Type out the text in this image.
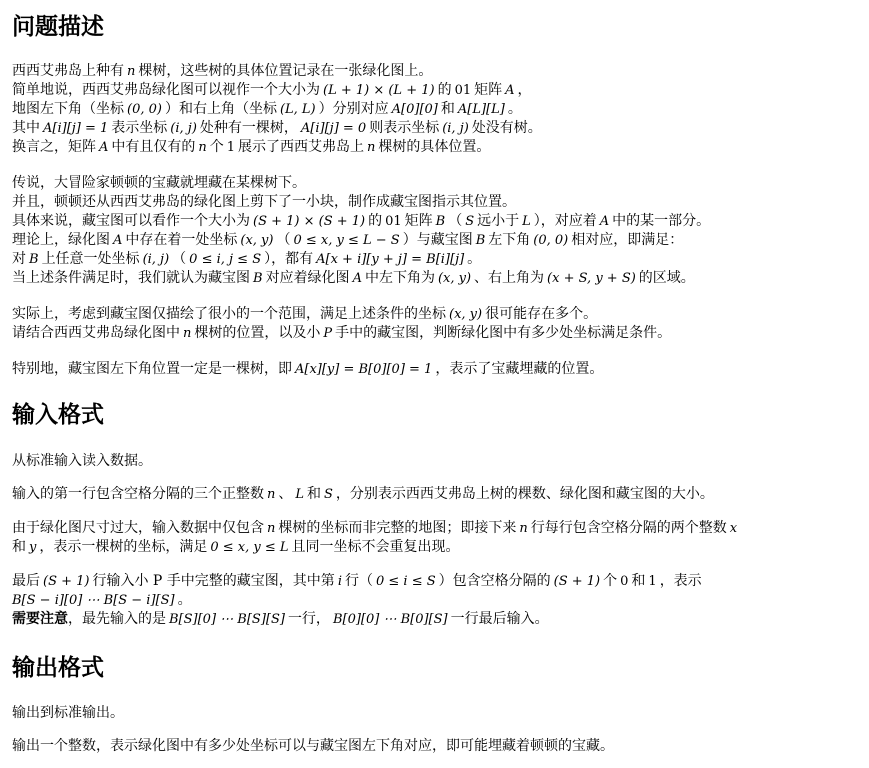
问题描述

西西艾弗岛上种有 n 棵树，这些树的具体位置记录在一张绿化图上。

简单地说，西西艾弗岛绿化图可以视作一个大小为 (L + 1) × (L + 1) 的 01 矩阵 A ，

地图左下角（坐标 (0, 0) ）和右上角（坐标 (L, L) ）分别对应 A[0][0] 和 A[L][L] 。

其中 A[i][j] = 1 表示坐标 (i, j) 处种有一棵树， A[i][j] = 0 则表示坐标 (i, j) 处没有树。

换言之，矩阵 A 中有且仅有的 n 个 1 展示了西西艾弗岛上 n 棵树的具体位置。

传说，大冒险家顿顿的宝藏就埋藏在某棵树下。

并且，顿顿还从西西艾弗岛的绿化图上剪下了一小块，制作成藏宝图指示其位置。

具体来说，藏宝图可以看作一个大小为 (S + 1) × (S + 1) 的 01 矩阵 B （ S 远小于 L ），对应着 A 中的某一部分。

理论上，绿化图 A 中存在着一处坐标 (x, y) （ 0 ≤ x, y ≤ L − S ）与藏宝图 B 左下角 (0, 0) 相对应，即满足：

对 B 上任意一处坐标 (i, j) （ 0 ≤ i, j ≤ S ），都有 A[x + i][y + j] = B[i][j] 。

当上述条件满足时，我们就认为藏宝图 B 对应着绿化图 A 中左下角为 (x, y) 、右上角为 (x + S, y + S) 的区域。

实际上，考虑到藏宝图仅描绘了很小的一个范围，满足上述条件的坐标 (x, y) 很可能存在多个。

请结合西西艾弗岛绿化图中 n 棵树的位置，以及小 P 手中的藏宝图，判断绿化图中有多少处坐标满足条件。

特别地，藏宝图左下角位置一定是一棵树，即 A[x][y] = B[0][0] = 1 ，表示了宝藏埋藏的位置。

输入格式

从标准输入读入数据。

输入的第一行包含空格分隔的三个正整数 n 、 L 和 S ，分别表示西西艾弗岛上树的棵数、绿化图和藏宝图的大小。

由于绿化图尺寸过大，输入数据中仅包含 n 棵树的坐标而非完整的地图；即接下来 n 行每行包含空格分隔的两个整数 x

和 y ，表示一棵树的坐标，满足 0 ≤ x, y ≤ L 且同一坐标不会重复出现。

最后 (S + 1) 行输入小 P 手中完整的藏宝图，其中第 i 行（ 0 ≤ i ≤ S ）包含空格分隔的 (S + 1) 个 0 和 1 ，表示

B[S − i][0] ⋯ B[S − i][S] 。

需要注意，最先输入的是 B[S][0] ⋯ B[S][S] 一行， B[0][0] ⋯ B[0][S] 一行最后输入。

输出格式

输出到标准输出。

输出一个整数，表示绿化图中有多少处坐标可以与藏宝图左下角对应，即可能埋藏着顿顿的宝藏。
